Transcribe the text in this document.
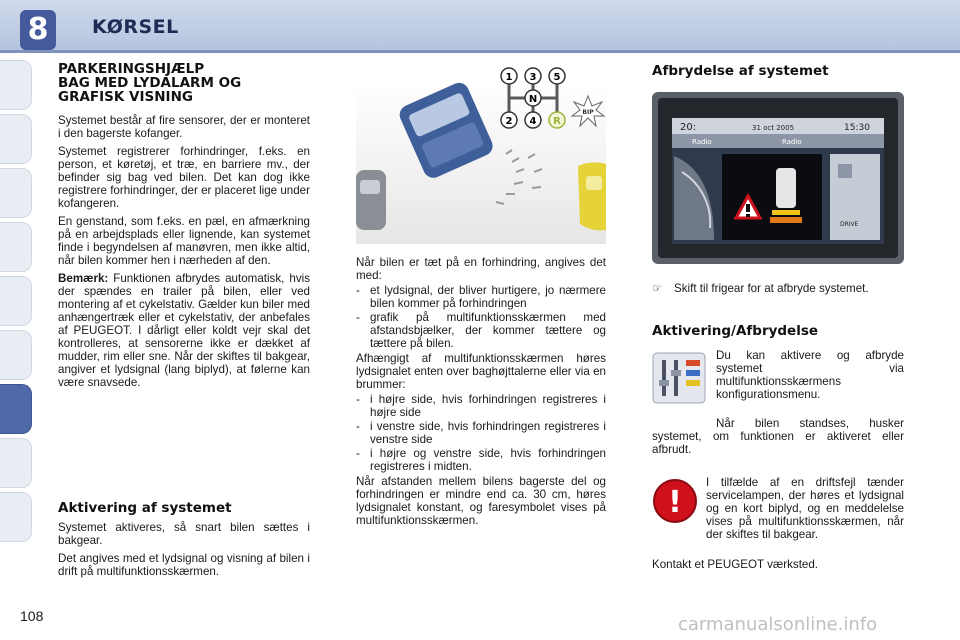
8	KØRSEL
PARKERINGSHJÆLP
BAG MED LYDALARM OG
GRAFISK VISNING

Systemet består af fire sensorer, der er monteret i den bagerste kofanger.

Systemet registrerer forhindringer, f.eks. en person, et køretøj, et træ, en barriere mv., der befinder sig bag ved bilen. Det kan dog ikke registrere forhindringer, der er placeret lige under kofangeren.

En genstand, som f.eks. en pæl, en afmærkning på en arbejdsplads eller lignende, kan systemet finde i begyndelsen af manøvren, men ikke altid, når bilen kommer hen i nærheden af den.

Bemærk: Funktionen afbrydes automatisk, hvis der spændes en trailer på bilen, eller ved montering af et cykelstativ. Gælder kun biler med anhængertræk eller et cykelstativ, der anbefales af PEUGEOT. I dårligt eller koldt vejr skal det kontrolleres, at sensorerne ikke er dækket af mudder, rim eller sne. Når der skiftes til bakgear, angiver et lydsignal (lang biplyd), at følerne kan være snavsede.

Aktivering af systemet

Systemet aktiveres, så snart bilen sættes i bakgear.

Det angives med et lydsignal og visning af bilen i drift på multifunktionsskærmen.

1 3 5
N
2 4 R
BIP

Når bilen er tæt på en forhindring, angives det med:

- et lydsignal, der bliver hurtigere, jo nærmere bilen kommer på forhindringen
- grafik på multifunktionsskærmen med afstandsbjælker, der kommer tættere og tættere på bilen.

Afhængigt af multifunktionsskærmen høres lydsignalet enten over baghøjttalerne eller via en brummer:

- i højre side, hvis forhindringen registreres i højre side
- i venstre side, hvis forhindringen registreres i venstre side
- i højre og venstre side, hvis forhindringen registreres i midten.

Når afstanden mellem bilens bagerste del og forhindringen er mindre end ca. 30 cm, høres lydsignalet konstant, og faresymbolet vises på multifunktionsskærmen.

Afbrydelse af systemet
20:	31 oct 2005	15:30
Radio	Radio
DRIVE
☞ Skift til frigear for at afbryde systemet.
Aktivering/Afbrydelse

Du kan aktivere og afbryde systemet via multifunktionsskærmens konfigurationsmenu.

Når bilen standses, husker systemet, om funktionen er aktiveret eller afbrudt.

!

I tilfælde af en driftsfejl tænder servicelampen, der høres et lydsignal og en kort biplyd, og en meddelelse vises på multifunktionsskærmen, når der skiftes til bakgear.

Kontakt et PEUGEOT værksted.

108	carmanualsonline.info
